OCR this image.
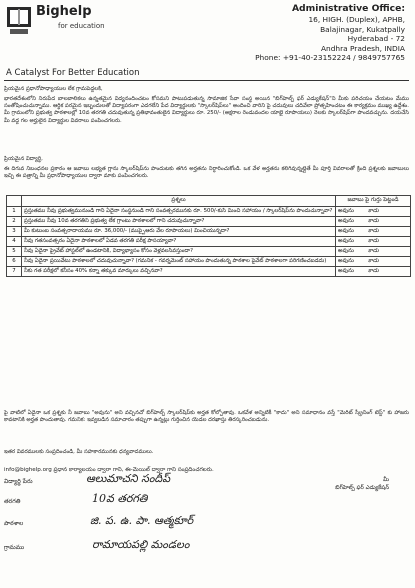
Bighelp
for education
A Catalyst For Better Education
Administrative Office:
16, HIGH. (Duplex), APHB,
Balajinagar, Kukatpally
Hyderabad - 72
Andhra Pradesh, INDIA
Phone: +91-40-23152224 / 9849757765
ప్రియమైన ప్రధానోపాధ్యాయుల లేక గ్రామపెద్దలకి,
భారతదేశంలోని నిరుపేద బాలబాలికలు ఉన్నతమైన విద్యనందించటం కోసమని పాటుపడుతున్న సామాజిక సేవా సంస్థ అయిన "బిగ్‌హెల్ప్ ఫర్ ఎడ్యుకేషన్"ని మీకు పరిచయం చేయటం మేము సంతోషించుచున్నాము. ఆర్థిక పరమైన ఇబ్బందులతో విద్యాపరంగా ఎదగలేని పేద విద్యార్థులకు "స్కాలర్‌షిప్‌లు" అందించి వారిని పై చదువులు చదివేలా ప్రోత్సహించటం ఈ కార్యక్రమం ముఖ్య ఉద్దేశం. మీ గ్రామంలోని ప్రభుత్వ పాఠశాలల్లో 10వ తరగతి చదువుతున్న ప్రతిభావంతులైన విద్యార్థులు రూ. 250/- (అక్షరాల రెండువందల యాభై రూపాయలు) నెలకు స్కాలర్‌షిప్‌గా పొందవచ్చును. దయచేసి మీ వద్ద గల అర్హులైన విద్యార్థుల వివరాలు పంపించగలరు.
ప్రియమైన విద్యార్థి,
ఈ దిగువ నిబంధనల ప్రకారం ఆ జవాబు లభ్యత గ్లాను స్కాలర్‌షిప్‌ను పొందుటకు తగిన అర్హతను నిర్ధారించుకోండి. ఒక వేళ అర్హతను కలిగివున్నట్లైతే మీ పూర్తి వివరాలతో క్రింది ప్రశ్నలకు జవాబులు ఇచ్చి ఈ పత్రాన్ని మీ ప్రధానోపాధ్యాయుల ద్వారా మాకు పంపించగలరు.
	ప్రశ్నలు	జవాబు పై గుర్తు పెట్టండి
1	ప్రస్తుతము నీవు ప్రభుత్వమునుండి గాని ఏదైనా సంస్థనుండి గాని సంవత్సరమునకు రూ. 500/-కుసి మించి సహాయం / స్కాలర్‌షిప్‌ను పొందుచున్నావా?	అవును కాదు
2	ప్రస్తుతము నీవు 10వ తరగతిని ప్రభుత్వ లేక గ్రాంటు పాఠశాలలో గాని చదువుచున్నావా?	అవును కాదు
3	మీ కుటుంబ సంవత్సరాదాయము రూ. 36,000/- (ముప్పైఆరు వేల రూపాయలు) మించియున్నదా?	అవును కాదు
4	నీవు గతసంవత్సరం ఏదైనా పాఠశాలలో ఏడవ తరగతి పరీక్ష పాసయ్యావా?	అవును కాదు
5	నీవు ఏదైనా ప్రైవేట్ హాస్టల్‌లో ఉండటానికి, విద్యాభ్యాసం కోసం వెళ్లవలసివస్తుందా?	అవును కాదు
6	నీవు ఏదైనా ప్రయివేటు పాఠశాలలో చదువుచున్నావా? (గమనిక - గవర్నమెంట్ సహాయం పొందుతున్న పాఠశాల పైవేట్ పాఠశాలగా పరిగణించబడదు)	అవును కాదు
7	నీకు గత పరీక్షలో కనీసం 40% కన్నా తక్కువ మార్కులు వచ్చినవా?	అవును కాదు
పై వాటిలో ఏదైనా ఒక ప్రశ్నకు నీ జవాబు "అవును" అని వచ్చినచో బిగ్‌హెల్ప్ స్కాలర్‌షిప్‌కు అర్హత కోల్పోతావు. ఒకవేళ అన్నిటికీ "కాదు" అని సమాధానం వస్తే "మెరిట్ స్క్రీనింగ్ టెస్ట్" కు హాజరు కావటానికి అర్హత పొందుతావు. గమనిక: ఇవ్వబడిన సమాచారం తప్పుగా ఉన్నట్లు గుర్తించిన యెడల దరఖాస్తు తిరస్కరించబడును.
ఇతర వివరములకు సంప్రదించండి, మీ సహకారమునకు ధన్యవాదములు.
info@bighelp.org ప్రధాన కార్యాలయం ద్వారా గాని, ఈ-మెయిల్ ద్వారా గాని సంప్రదించగలరు.
మీ
బిగ్‌హెల్ప్ ఫర్ ఎడ్యుకేషన్
విద్యార్థి పేరు	ఆలుమాచని సందీప్
తరగతి	10వ తరగతి
పాఠశాల	జి. ప. ఉ. పా. ఆత్మకూర్
గ్రామము	రామాయపల్లి మండలం
